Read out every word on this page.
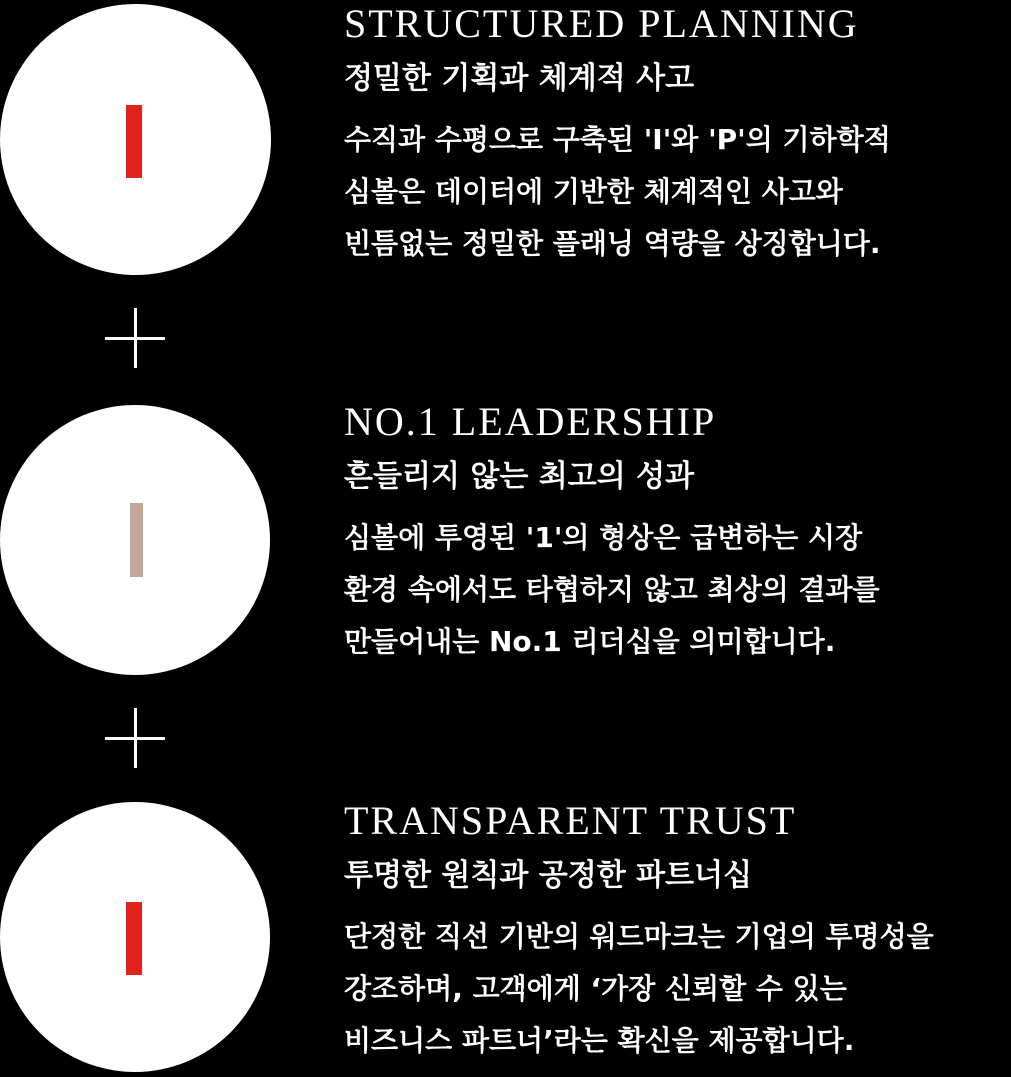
STRUCTURED PLANNING
정밀한 기획과 체계적 사고

수직과 수평으로 구축된 'I'와 'P'의 기하학적
심볼은 데이터에 기반한 체계적인 사고와
빈틈없는 정밀한 플래닝 역량을 상징합니다.

NO.1 LEADERSHIP
흔들리지 않는 최고의 성과

심볼에 투영된 '1'의 형상은 급변하는 시장
환경 속에서도 타협하지 않고 최상의 결과를
만들어내는 No.1 리더십을 의미합니다.

TRANSPARENT TRUST
투명한 원칙과 공정한 파트너십

단정한 직선 기반의 워드마크는 기업의 투명성을
강조하며, 고객에게 ‘가장 신뢰할 수 있는
비즈니스 파트너’라는 확신을 제공합니다.
